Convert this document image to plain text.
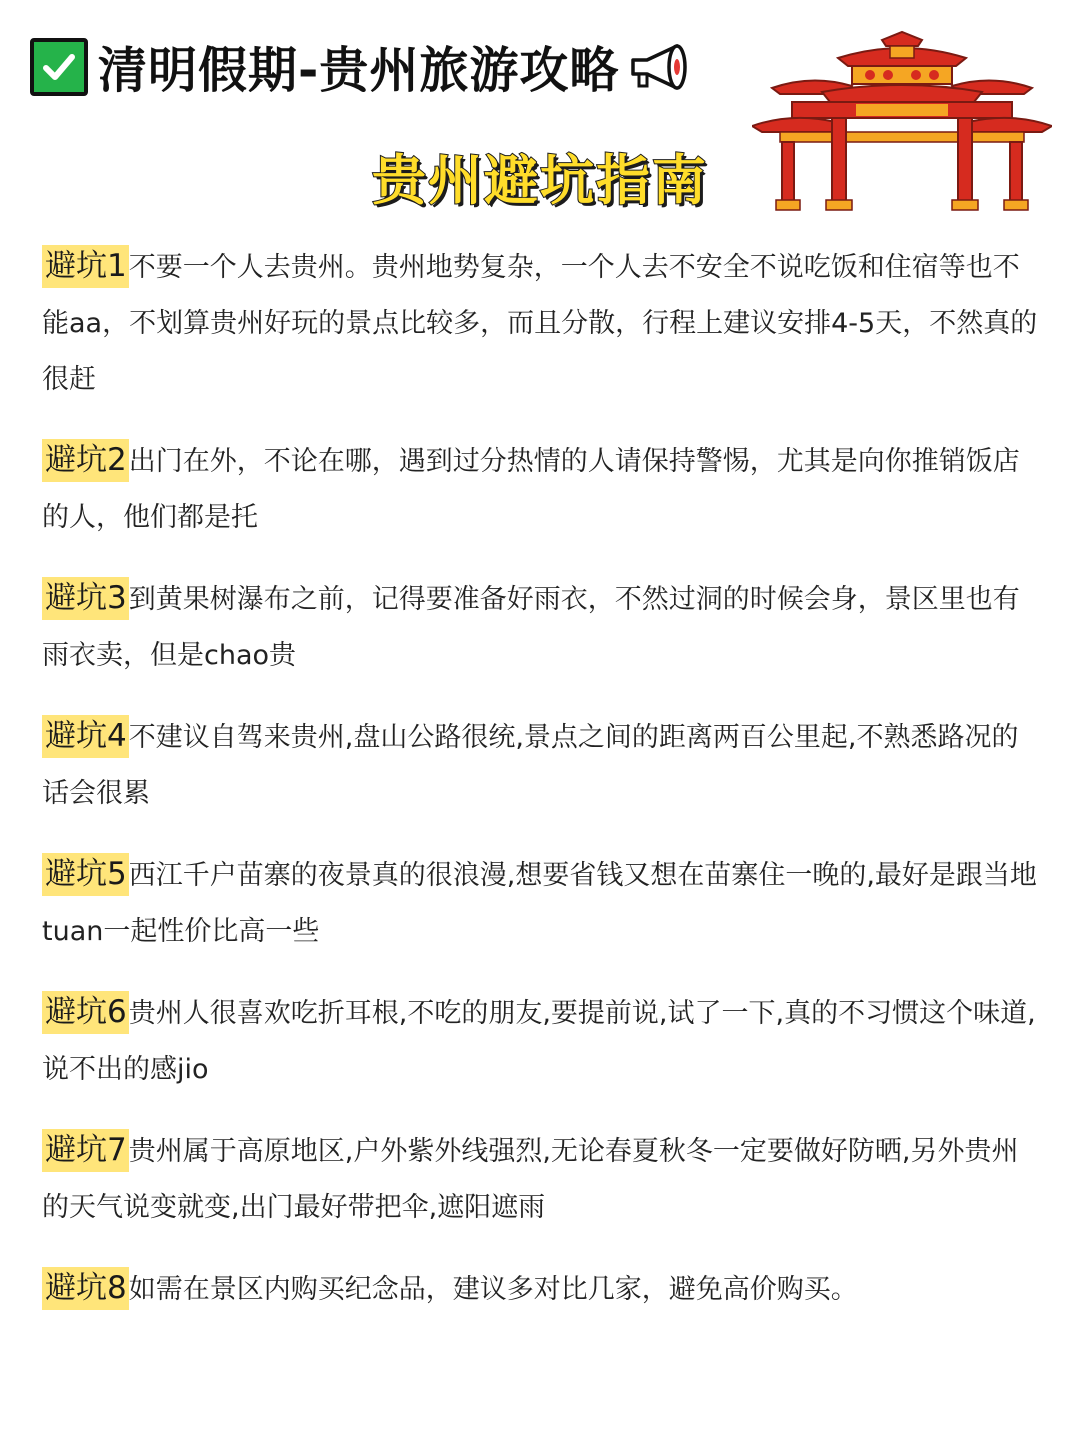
清明假期-贵州旅游攻略
贵州避坑指南

避坑1不要一个人去贵州。贵州地势复杂，一个人去不安全不说吃饭和住宿等也不能aa，不划算贵州好玩的景点比较多，而且分散，行程上建议安排4-5天，不然真的很赶

避坑2出门在外，不论在哪，遇到过分热情的人请保持警惕，尤其是向你推销饭店的人，他们都是托

避坑3到黄果树瀑布之前，记得要准备好雨衣，不然过洞的时候会身，景区里也有雨衣卖，但是chao贵

避坑4不建议自驾来贵州,盘山公路很统,景点之间的距离两百公里起,不熟悉路况的话会很累

避坑5西江千户苗寨的夜景真的很浪漫,想要省钱又想在苗寨住一晚的,最好是跟当地tuan一起性价比高一些

避坑6贵州人很喜欢吃折耳根,不吃的朋友,要提前说,试了一下,真的不习惯这个味道,说不出的感jio

避坑7贵州属于高原地区,户外紫外线强烈,无论春夏秋冬一定要做好防晒,另外贵州的天气说变就变,出门最好带把伞,遮阳遮雨

避坑8如需在景区内购买纪念品，建议多对比几家，避免高价购买。
